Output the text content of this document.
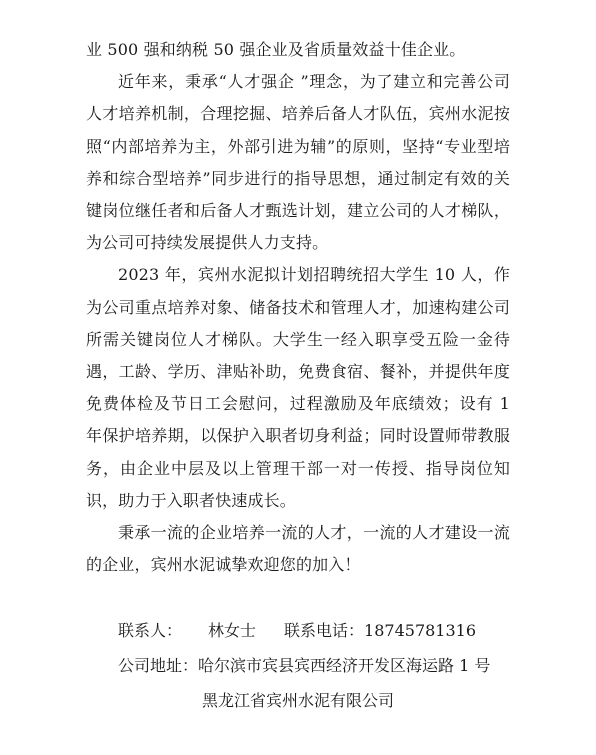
业 500 强和纳税 50 强企业及省质量效益十佳企业。

近年来，秉承“人才强企 ”理念，为了建立和完善公司人才培养机制，合理挖掘、培养后备人才队伍，宾州水泥按照“内部培养为主，外部引进为辅”的原则，坚持“专业型培养和综合型培养”同步进行的指导思想，通过制定有效的关键岗位继任者和后备人才甄选计划，建立公司的人才梯队，为公司可持续发展提供人力支持。

2023 年，宾州水泥拟计划招聘统招大学生 10 人，作为公司重点培养对象、储备技术和管理人才，加速构建公司所需关键岗位人才梯队。大学生一经入职享受五险一金待遇，工龄、学历、津贴补助，免费食宿、餐补，并提供年度免费体检及节日工会慰问，过程激励及年底绩效；设有 1 年保护培养期，以保护入职者切身利益；同时设置师带教服务，由企业中层及以上管理干部一对一传授、指导岗位知识，助力于入职者快速成长。

秉承一流的企业培养一流的人才，一流的人才建设一流的企业，宾州水泥诚挚欢迎您的加入！

联系人： 林女士 联系电话：18745781316
公司地址：哈尔滨市宾县宾西经济开发区海运路 1 号
黑龙江省宾州水泥有限公司
